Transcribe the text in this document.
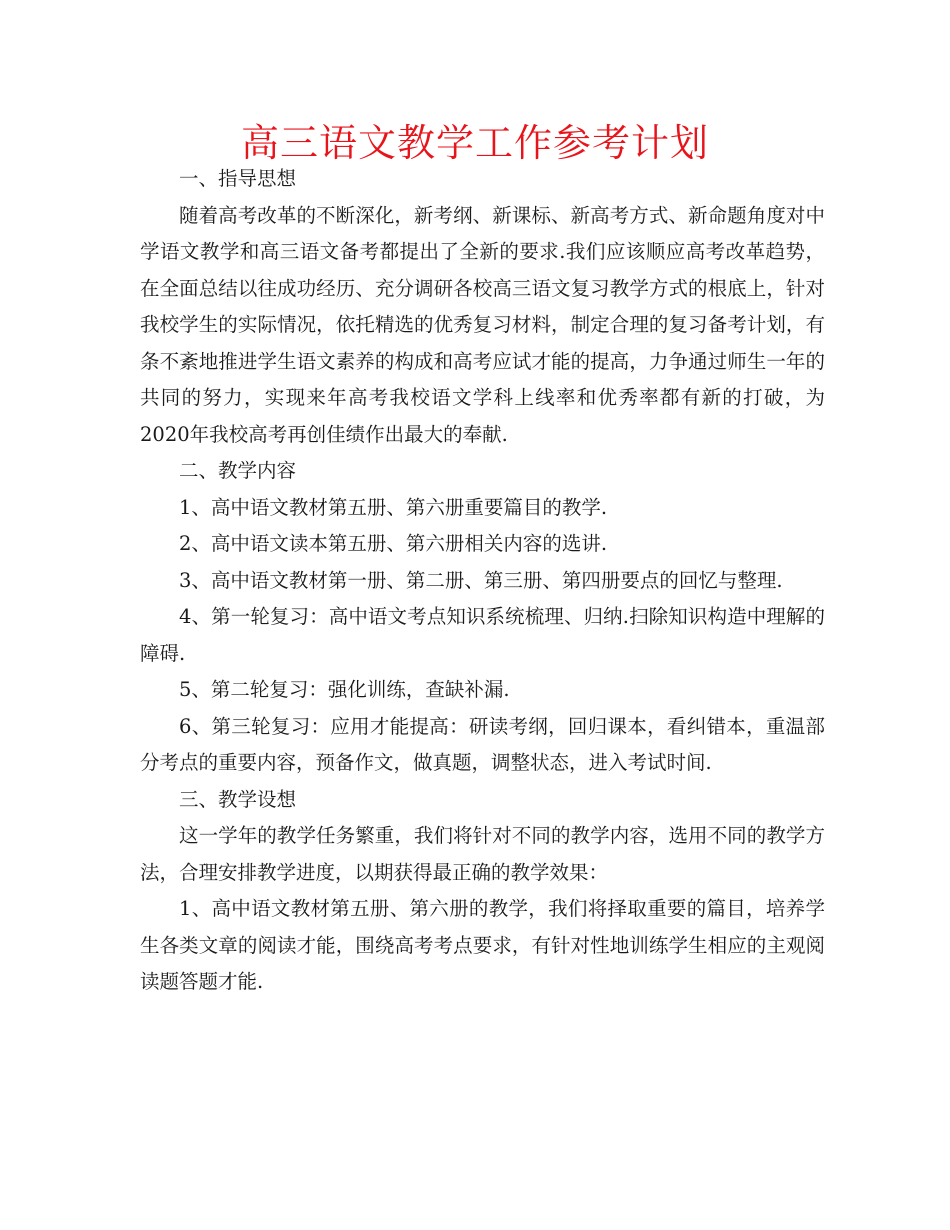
高三语文教学工作参考计划

一、指导思想

随着高考改革的不断深化，新考纲、新课标、新高考方式、新命题角度对中学语文教学和高三语文备考都提出了全新的要求.我们应该顺应高考改革趋势，在全面总结以往成功经历、充分调研各校高三语文复习教学方式的根底上，针对我校学生的实际情况，依托精选的优秀复习材料，制定合理的复习备考计划，有条不紊地推进学生语文素养的构成和高考应试才能的提高，力争通过师生一年的共同的努力，实现来年高考我校语文学科上线率和优秀率都有新的打破，为2020年我校高考再创佳绩作出最大的奉献.

二、教学内容

1、高中语文教材第五册、第六册重要篇目的教学.

2、高中语文读本第五册、第六册相关内容的选讲.

3、高中语文教材第一册、第二册、第三册、第四册要点的回忆与整理.

4、第一轮复习：高中语文考点知识系统梳理、归纳.扫除知识构造中理解的障碍.

5、第二轮复习：强化训练，查缺补漏.

6、第三轮复习：应用才能提高：研读考纲，回归课本，看纠错本，重温部分考点的重要内容，预备作文，做真题，调整状态，进入考试时间.

三、教学设想

这一学年的教学任务繁重，我们将针对不同的教学内容，选用不同的教学方法，合理安排教学进度，以期获得最正确的教学效果：

1、高中语文教材第五册、第六册的教学，我们将择取重要的篇目，培养学生各类文章的阅读才能，围绕高考考点要求，有针对性地训练学生相应的主观阅读题答题才能.
